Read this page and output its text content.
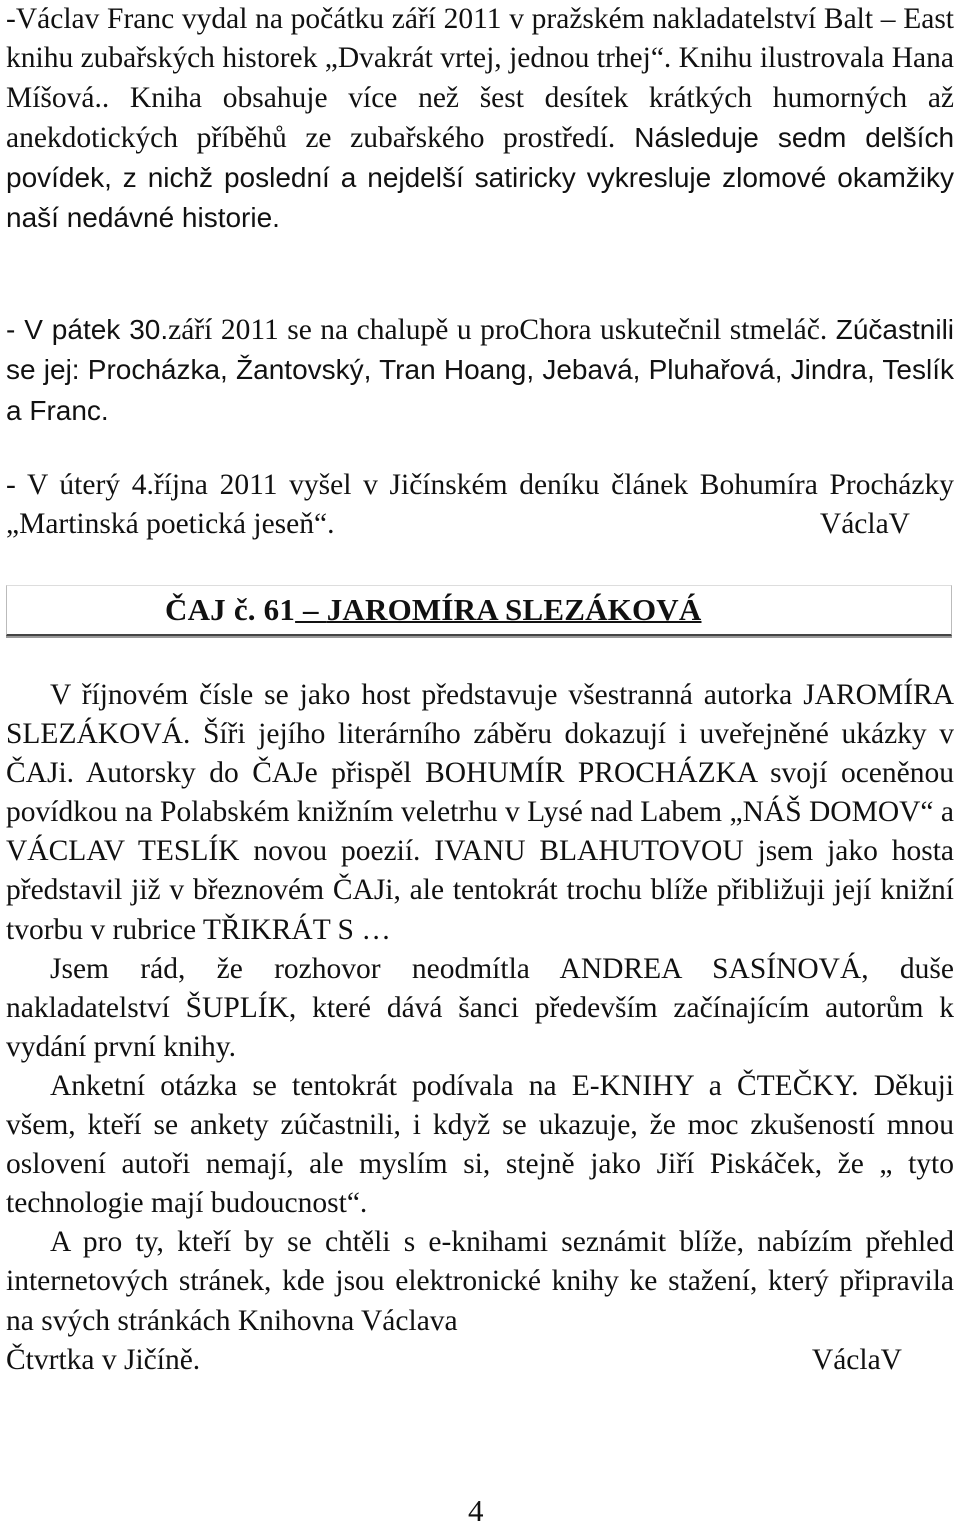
-Václav Franc vydal na počátku září 2011 v pražském nakladatelství Balt – East knihu zubařských historek „Dvakrát vrtej, jednou trhej“. Knihu ilustrovala Hana Míšová.. Kniha obsahuje více než šest desítek krátkých humorných až anekdotických příběhů ze zubařského prostředí. Následuje sedm delších povídek, z nichž poslední a nejdelší satiricky vykresluje zlomové okamžiky naší nedávné historie.

- V pátek 30.září 2011 se na chalupě u proChora uskutečnil stmeláč. Zúčastnili se jej: Procházka, Žantovský, Tran Hoang, Jebavá, Pluhařová, Jindra, Teslík a Franc.

- V úterý 4.října 2011 vyšel v Jičínském deníku článek Bohumíra Procházky „Martinská poetická jeseň“.	VáclaV

ČAJ č. 61 – JAROMÍRA SLEZÁKOVÁ

V říjnovém čísle se jako host představuje všestranná autorka JAROMÍRA SLEZÁKOVÁ. Šíři jejího literárního záběru dokazují i uveřejněné ukázky v ČAJi. Autorsky do ČAJe přispěl BOHUMÍR PROCHÁZKA svojí oceněnou povídkou na Polabském knižním veletrhu v Lysé nad Labem „NÁŠ DOMOV“ a VÁCLAV TESLÍK novou poezií. IVANU BLAHUTOVOU jsem jako hosta představil již v březnovém ČAJi, ale tentokrát trochu blíže přibližuji její knižní tvorbu v rubrice TŘIKRÁT S …

Jsem rád, že rozhovor neodmítla ANDREA SASÍNOVÁ, duše nakladatelství ŠUPLÍK, které dává šanci především začínajícím autorům k vydání první knihy.

Anketní otázka se tentokrát podívala na E-KNIHY a ČTEČKY. Děkuji všem, kteří se ankety zúčastnili, i když se ukazuje, že moc zkušeností mnou oslovení autoři nemají, ale myslím si, stejně jako Jiří Piskáček, že „ tyto technologie mají budoucnost“.

A pro ty, kteří by se chtěli s e-knihami seznámit blíže, nabízím přehled internetových stránek, kde jsou elektronické knihy ke stažení, který připravila na svých stránkách Knihovna Václava

Čtvrtka v Jičíně.	VáclaV
4
